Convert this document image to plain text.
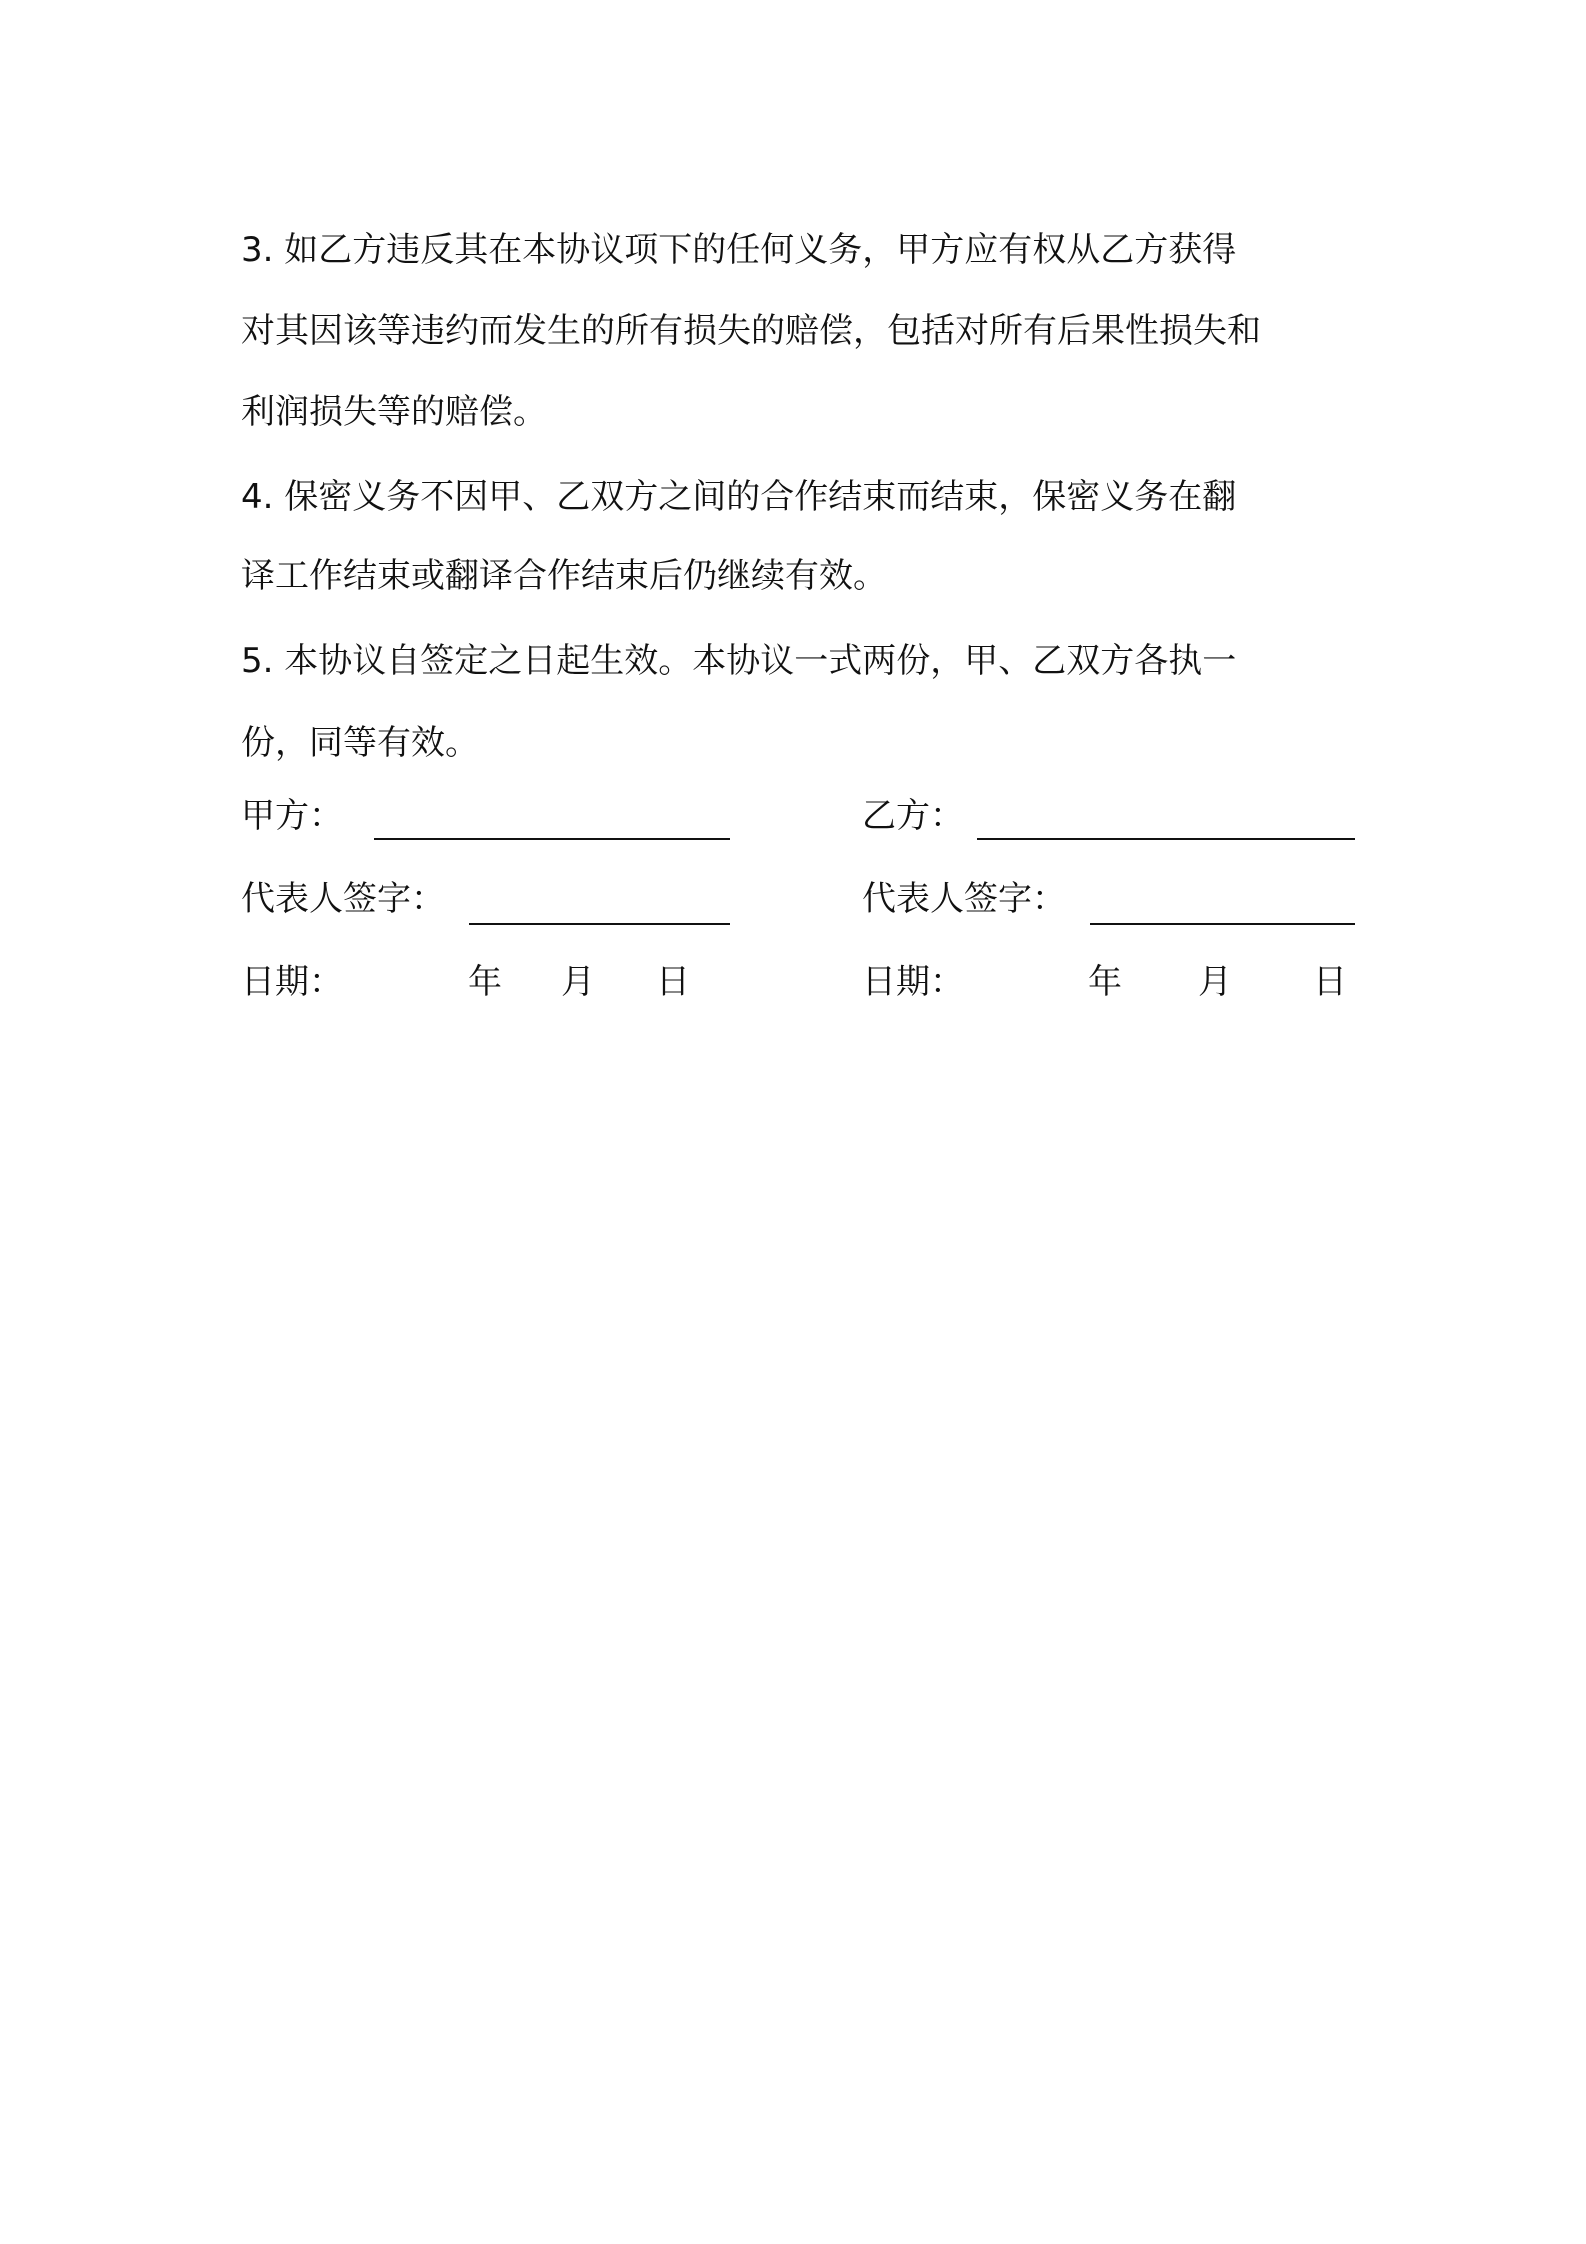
3. 如乙方违反其在本协议项下的任何义务，甲方应有权从乙方获得
对其因该等违约而发生的所有损失的赔偿，包括对所有后果性损失和
利润损失等的赔偿。

4. 保密义务不因甲、乙双方之间的合作结束而结束，保密义务在翻
译工作结束或翻译合作结束后仍继续有效。

5. 本协议自签定之日起生效。本协议一式两份，甲、乙双方各执一
份，同等有效。

甲方：
代表人签字：
日期：	年 月 日
乙方：
代表人签字：
日期：	年 月 日
